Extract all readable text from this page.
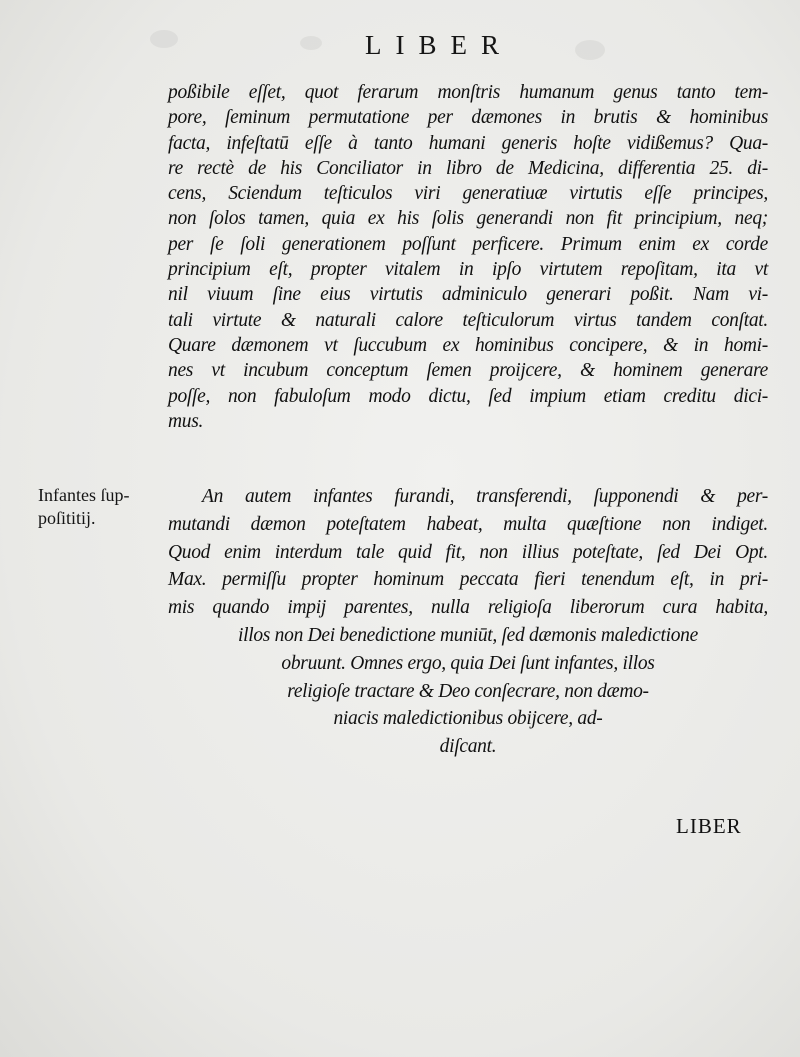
LIBER
poßibile eſſet, quot ferarum monſtris humanum genus tanto tem-
pore, ſeminum permutatione per dæmones in brutis & hominibus
facta, infeſtatū eſſe à tanto humani generis hoſte vidißemus? Qua-
re rectè de his Conciliator in libro de Medicina, differentia 25. di-
cens, Sciendum teſticulos viri generatiuæ virtutis eſſe principes,
non ſolos tamen, quia ex his ſolis generandi non fit principium, neq;
per ſe ſoli generationem poſſunt perficere. Primum enim ex corde
principium eſt, propter vitalem in ipſo virtutem repoſitam, ita vt
nil viuum ſine eius virtutis adminiculo generari poßit. Nam vi-
tali virtute & naturali calore teſticulorum virtus tandem conſtat.
Quare dæmonem vt ſuccubum ex hominibus concipere, & in homi-
nes vt incubum conceptum ſemen proijcere, & hominem generare
poſſe, non fabuloſum modo dictu, ſed impium etiam creditu dici-
mus.
Infantes ſup-
poſititij.
An autem infantes furandi, transferendi, ſupponendi & per-
mutandi dæmon poteſtatem habeat, multa quæſtione non indiget.
Quod enim interdum tale quid fit, non illius poteſtate, ſed Dei Opt.
Max. permiſſu propter hominum peccata fieri tenendum eſt, in pri-
mis quando impij parentes, nulla religioſa liberorum cura habita,
illos non Dei benedictione muniūt, ſed dæmonis maledictione
obruunt. Omnes ergo, quia Dei ſunt infantes, illos
religioſe tractare & Deo conſecrare, non dæmo-
niacis maledictionibus obijcere, ad-
diſcant.
LIBER
